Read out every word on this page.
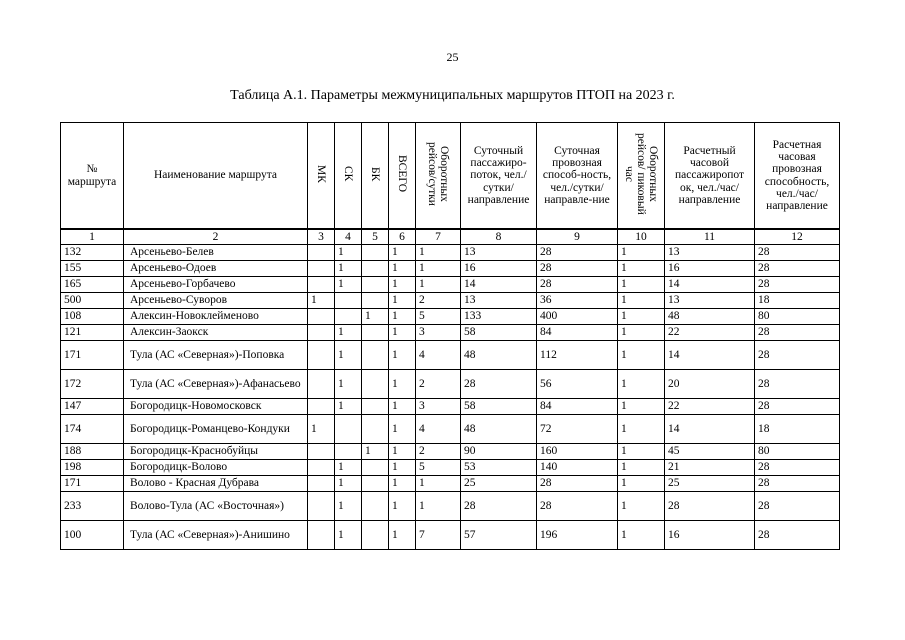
25
Таблица А.1. Параметры межмуниципальных маршрутов ПТОП на 2023 г.
№ маршрута	Наименование маршрута	МК	СК	БК	ВСЕГО	Оборотных рейсов/сутки	Суточный пассажиро-поток, чел./сутки/ направление	Суточная провозная способ-ность, чел./сутки/ направле-ние	Оборотных рейсов/ пиковый час	Расчетный часовой пассажиропот ок, чел./час/ направление	Расчетная часовая провозная способность, чел./час/ направление
1	2	3	4	5	6	7	8	9	10	11	12
132	Арсеньево-Белев		1		1	1	13	28	1	13	28
155	Арсеньево-Одоев		1		1	1	16	28	1	16	28
165	Арсеньево-Горбачево		1		1	1	14	28	1	14	28
500	Арсеньево-Суворов	1			1	2	13	36	1	13	18
108	Алексин-Новоклейменово			1	1	5	133	400	1	48	80
121	Алексин-Заокск		1		1	3	58	84	1	22	28
171	Тула (АС «Северная»)-Поповка		1		1	4	48	112	1	14	28
172	Тула (АС «Северная»)-Афанасьево		1		1	2	28	56	1	20	28
147	Богородицк-Новомосковск		1		1	3	58	84	1	22	28
174	Богородицк-Романцево-Кондуки	1			1	4	48	72	1	14	18
188	Богородицк-Краснобуйцы			1	1	2	90	160	1	45	80
198	Богородицк-Волово		1		1	5	53	140	1	21	28
171	Волово - Красная Дубрава		1		1	1	25	28	1	25	28
233	Волово-Тула (АС «Восточная»)		1		1	1	28	28	1	28	28
100	Тула (АС «Северная»)-Анишино		1		1	7	57	196	1	16	28
